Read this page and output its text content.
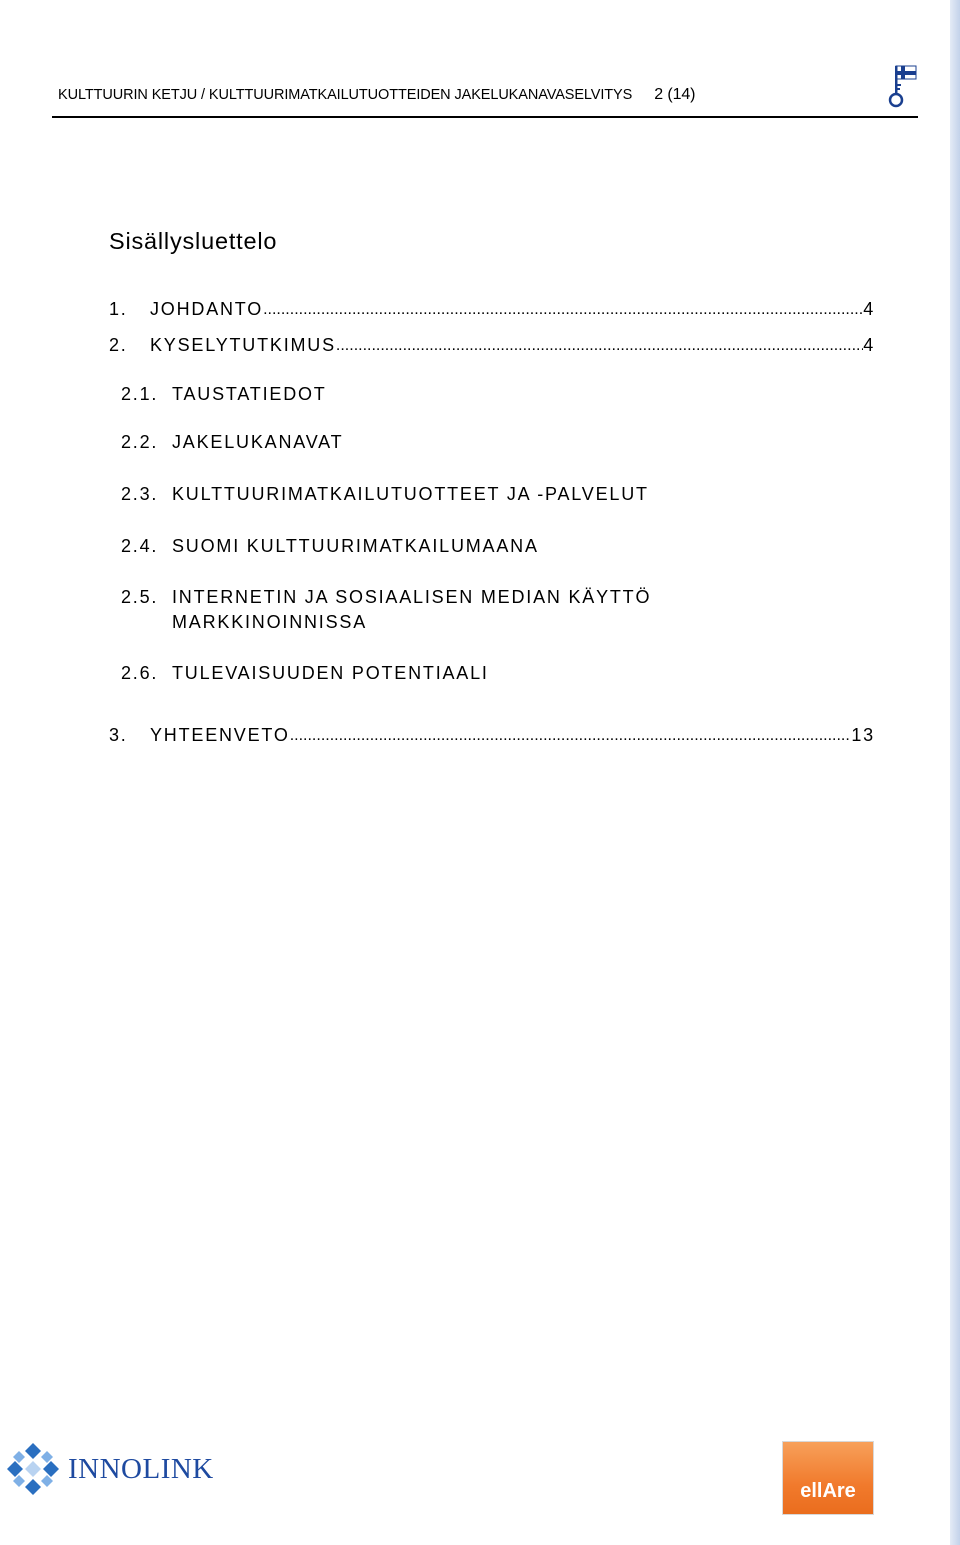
KULTTUURIN KETJU / KULTTUURIMATKAILUTUOTTEIDEN JAKELUKANAVASELVITYS 2 (14)
Sisällysluettelo
1.	JOHDANTO .....	4
2.	KYSELYTUTKIMUS .....	4
2.1. TAUSTATIEDOT
2.2. JAKELUKANAVAT
2.3. KULTTUURIMATKAILUTUOTTEET JA -PALVELUT
2.4. SUOMI KULTTUURIMATKAILUMAANA
2.5. INTERNETIN JA SOSIAALISEN MEDIAN KÄYTTÖ
MARKKINOINNISSA
2.6. TULEVAISUUDEN POTENTIAALI
3.	YHTEENVETO .....	13
INNOLINK
ellAre
